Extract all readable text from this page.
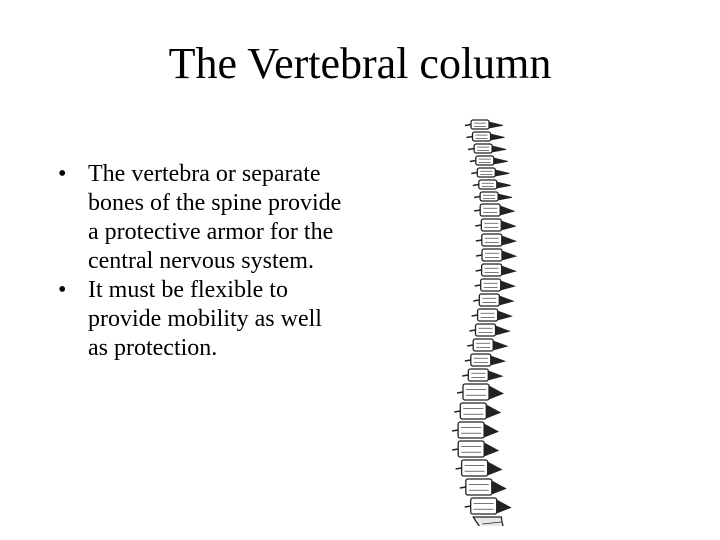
The Vertebral column
• The vertebra or separate bones of the spine provide a protective armor for the central nervous system.
• It must be flexible to provide mobility as well as protection.
